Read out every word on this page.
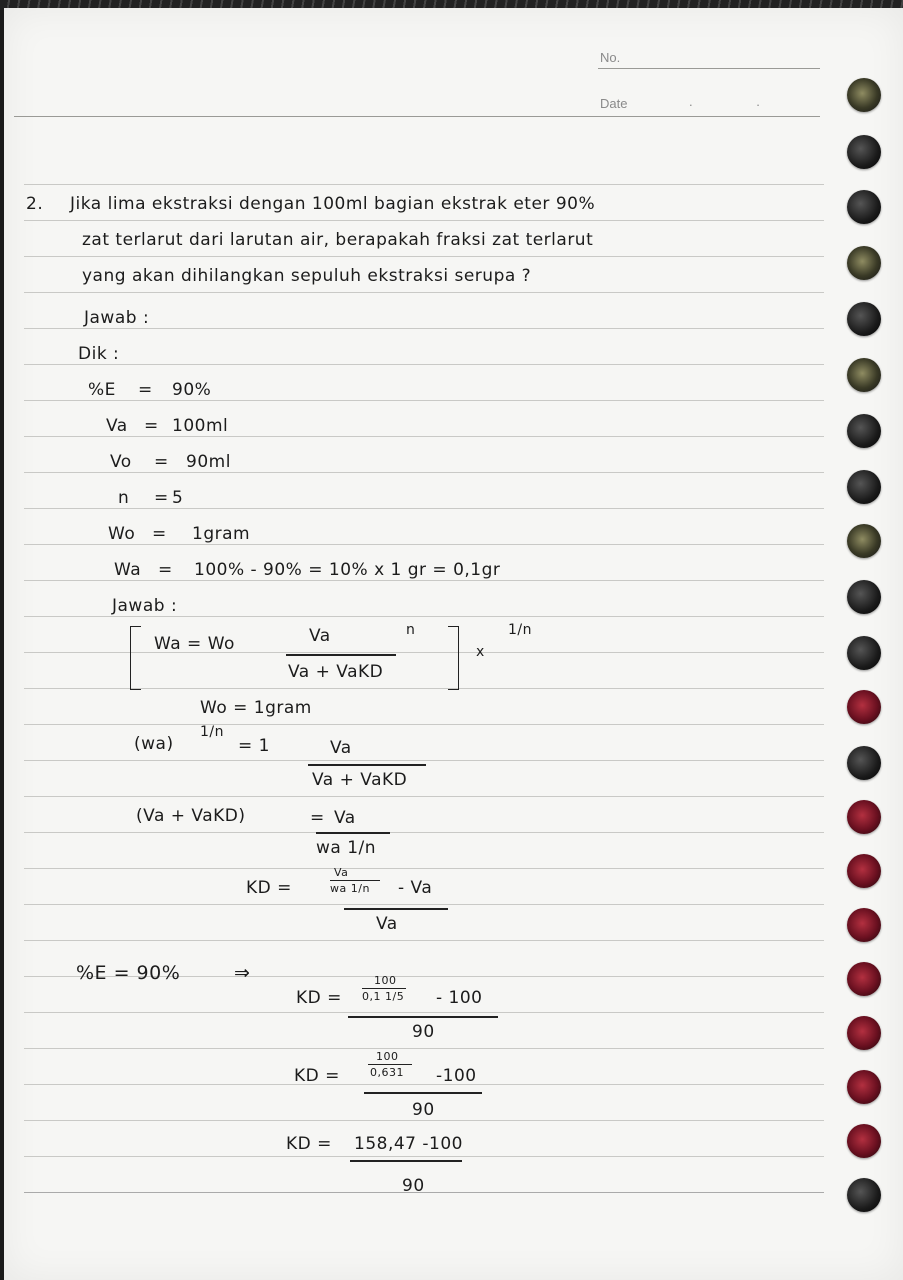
No.
Date	. .
2. Jika lima ekstraksi dengan 100ml bagian ekstrak eter 90%
zat terlarut dari larutan air, berapakah fraksi zat terlarut
yang akan dihilangkan sepuluh ekstraksi serupa ?
Jawab :
Dik :
%E = 90%
Va = 100ml
Vo = 90ml
n = 5
Wo = 1gram
Wa = 100% - 90% = 10% x 1 gr = 0,1gr
Jawab :
Wa = Wo	Va
Va + VaKD
n
x
1/n
Wo = 1gram
(wa)
1/n
= 1	Va
Va + VaKD
(Va + VaKD)	= Va
wa 1/n
KD =
Va
wa 1/n - Va
Va
%E = 90%	⇒
KD =
100
0,1 1/5 - 100
90
KD =
100
0,631 -100
90
KD = 158,47 -100
90
